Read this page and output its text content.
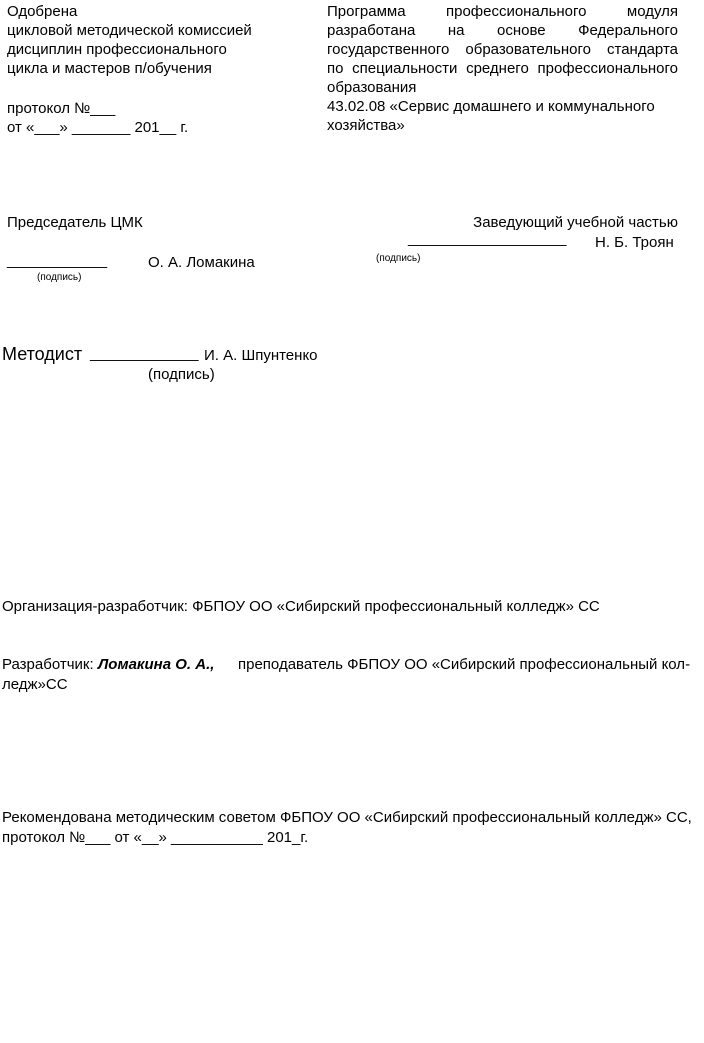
Одобрена
цикловой методической комиссией
дисциплин профессионального
цикла и мастеров п/обучения
протокол №___
от «___» _______ 201__ г.
Программа профессионального модуля
разработана на основе Федерального
государственного образовательного стандарта
по специальности среднего профессионального
образования
43.02.08 «Сервис домашнего и коммунального
хозяйства»
Председатель ЦМК
____________	О. А. Ломакина
(подпись)
Заведующий учебной частью
___________________ Н. Б. Троян
(подпись)
Методист _____________ И. А. Шпунтенко
(подпись)
Организация-разработчик: ФБПОУ ОО «Сибирский профессиональный колледж» СС
Разработчик: Ломакина О. А., преподаватель ФБПОУ ОО «Сибирский профессиональный кол-
ледж»СС
Рекомендована методическим советом ФБПОУ ОО «Сибирский профессиональный колледж» СС,
протокол №___ от «__» ___________ 201_г.
